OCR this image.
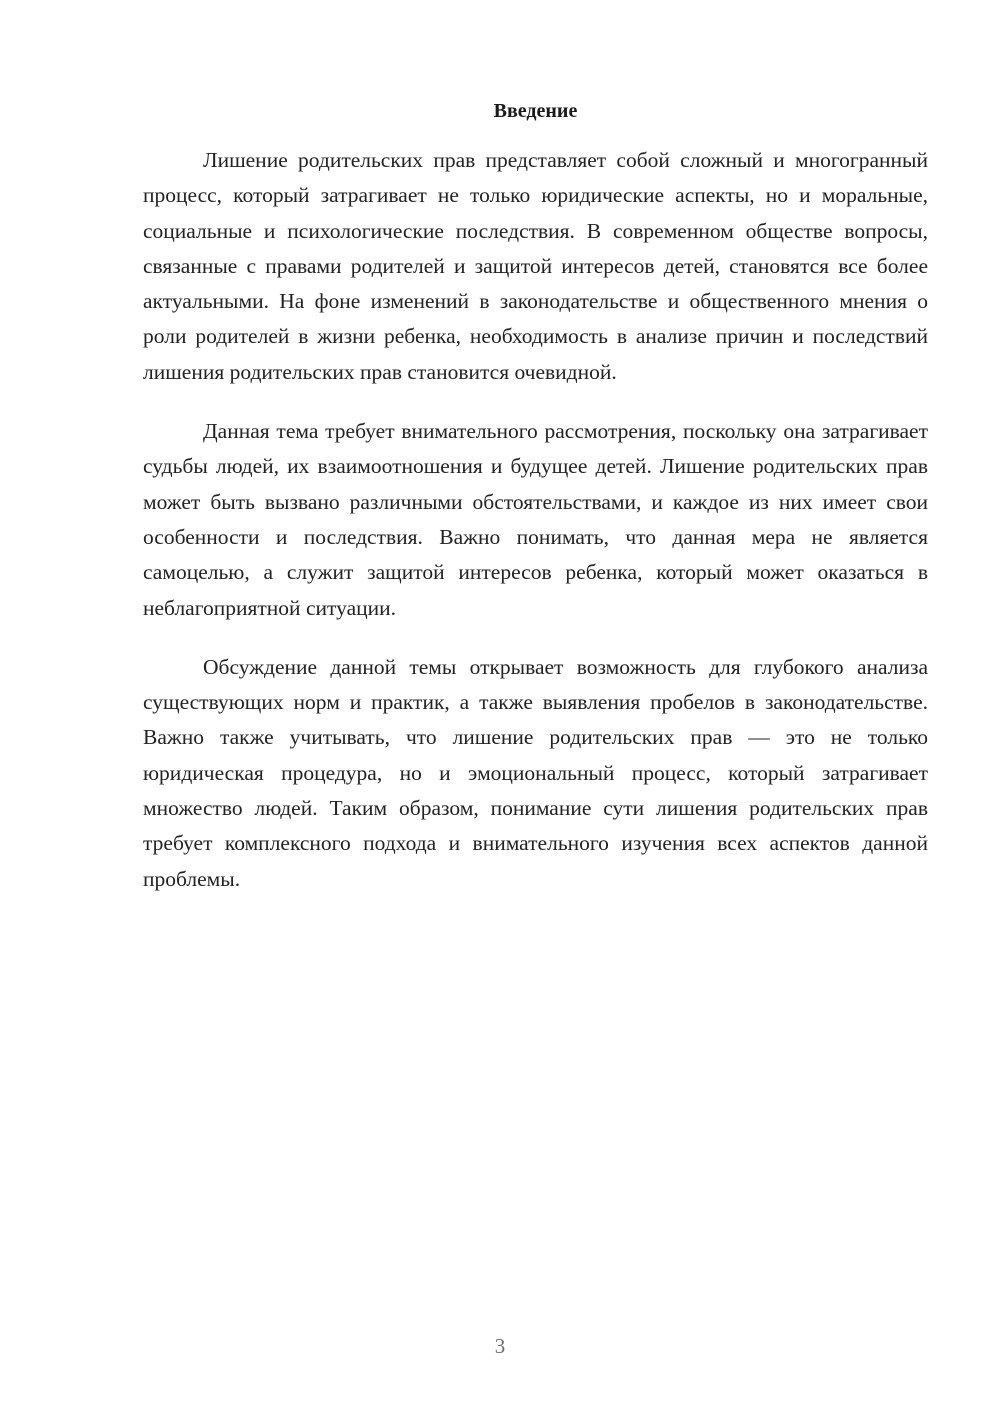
Введение

Лишение родительских прав представляет собой сложный и многогранный процесс, который затрагивает не только юридические аспекты, но и моральные, социальные и психологические последствия. В современном обществе вопросы, связанные с правами родителей и защитой интересов детей, становятся все более актуальными. На фоне изменений в законодательстве и общественного мнения о роли родителей в жизни ребенка, необходимость в анализе причин и последствий лишения родительских прав становится очевидной.

Данная тема требует внимательного рассмотрения, поскольку она затрагивает судьбы людей, их взаимоотношения и будущее детей. Лишение родительских прав может быть вызвано различными обстоятельствами, и каждое из них имеет свои особенности и последствия. Важно понимать, что данная мера не является самоцелью, а служит защитой интересов ребенка, который может оказаться в неблагоприятной ситуации.

Обсуждение данной темы открывает возможность для глубокого анализа существующих норм и практик, а также выявления пробелов в законодательстве. Важно также учитывать, что лишение родительских прав — это не только юридическая процедура, но и эмоциональный процесс, который затрагивает множество людей. Таким образом, понимание сути лишения родительских прав требует комплексного подхода и внимательного изучения всех аспектов данной проблемы.

3
